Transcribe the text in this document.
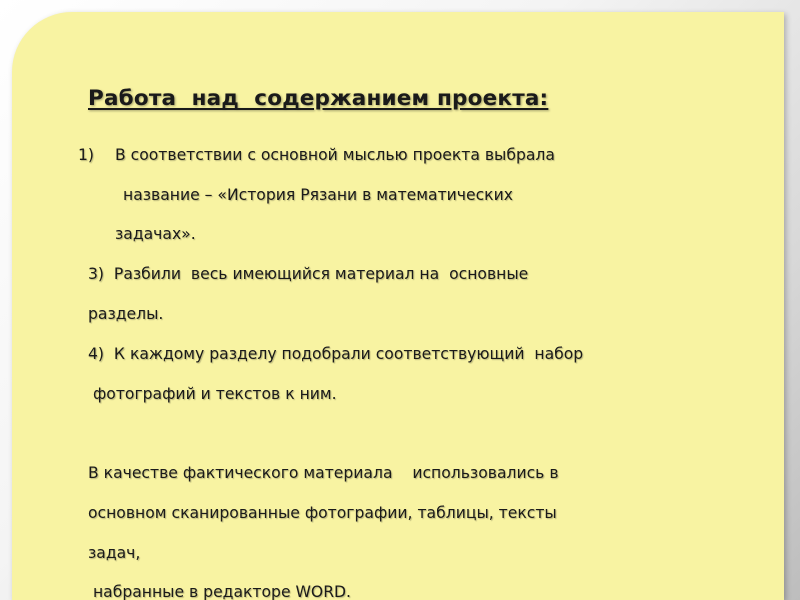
Работа  над  содержанием проекта:
1) В соответствии с основной мыслью проекта выбрала
название – «История Рязани в математических
задачах».
3)  Разбили  весь имеющийся материал на  основные
разделы.
4)  К каждому разделу подобрали соответствующий  набор
фотографий и текстов к ним.
В качестве фактического материала    использовались в
основном сканированные фотографии, таблицы, тексты
задач,
набранные в редакторе WORD.
